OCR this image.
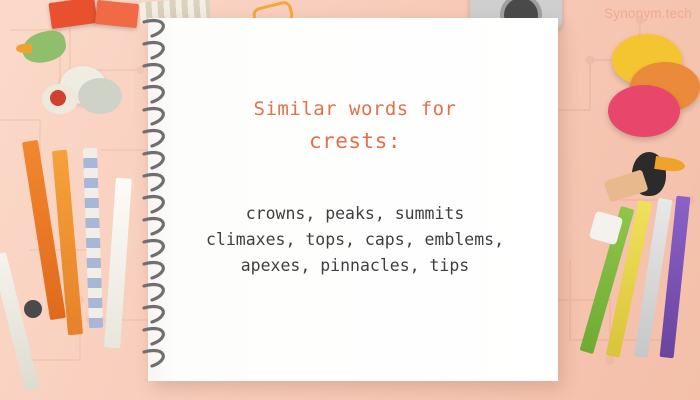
Similar words for
crests:
crowns, peaks, summits
climaxes, tops, caps, emblems,
apexes, pinnacles, tips
Synonym.tech
